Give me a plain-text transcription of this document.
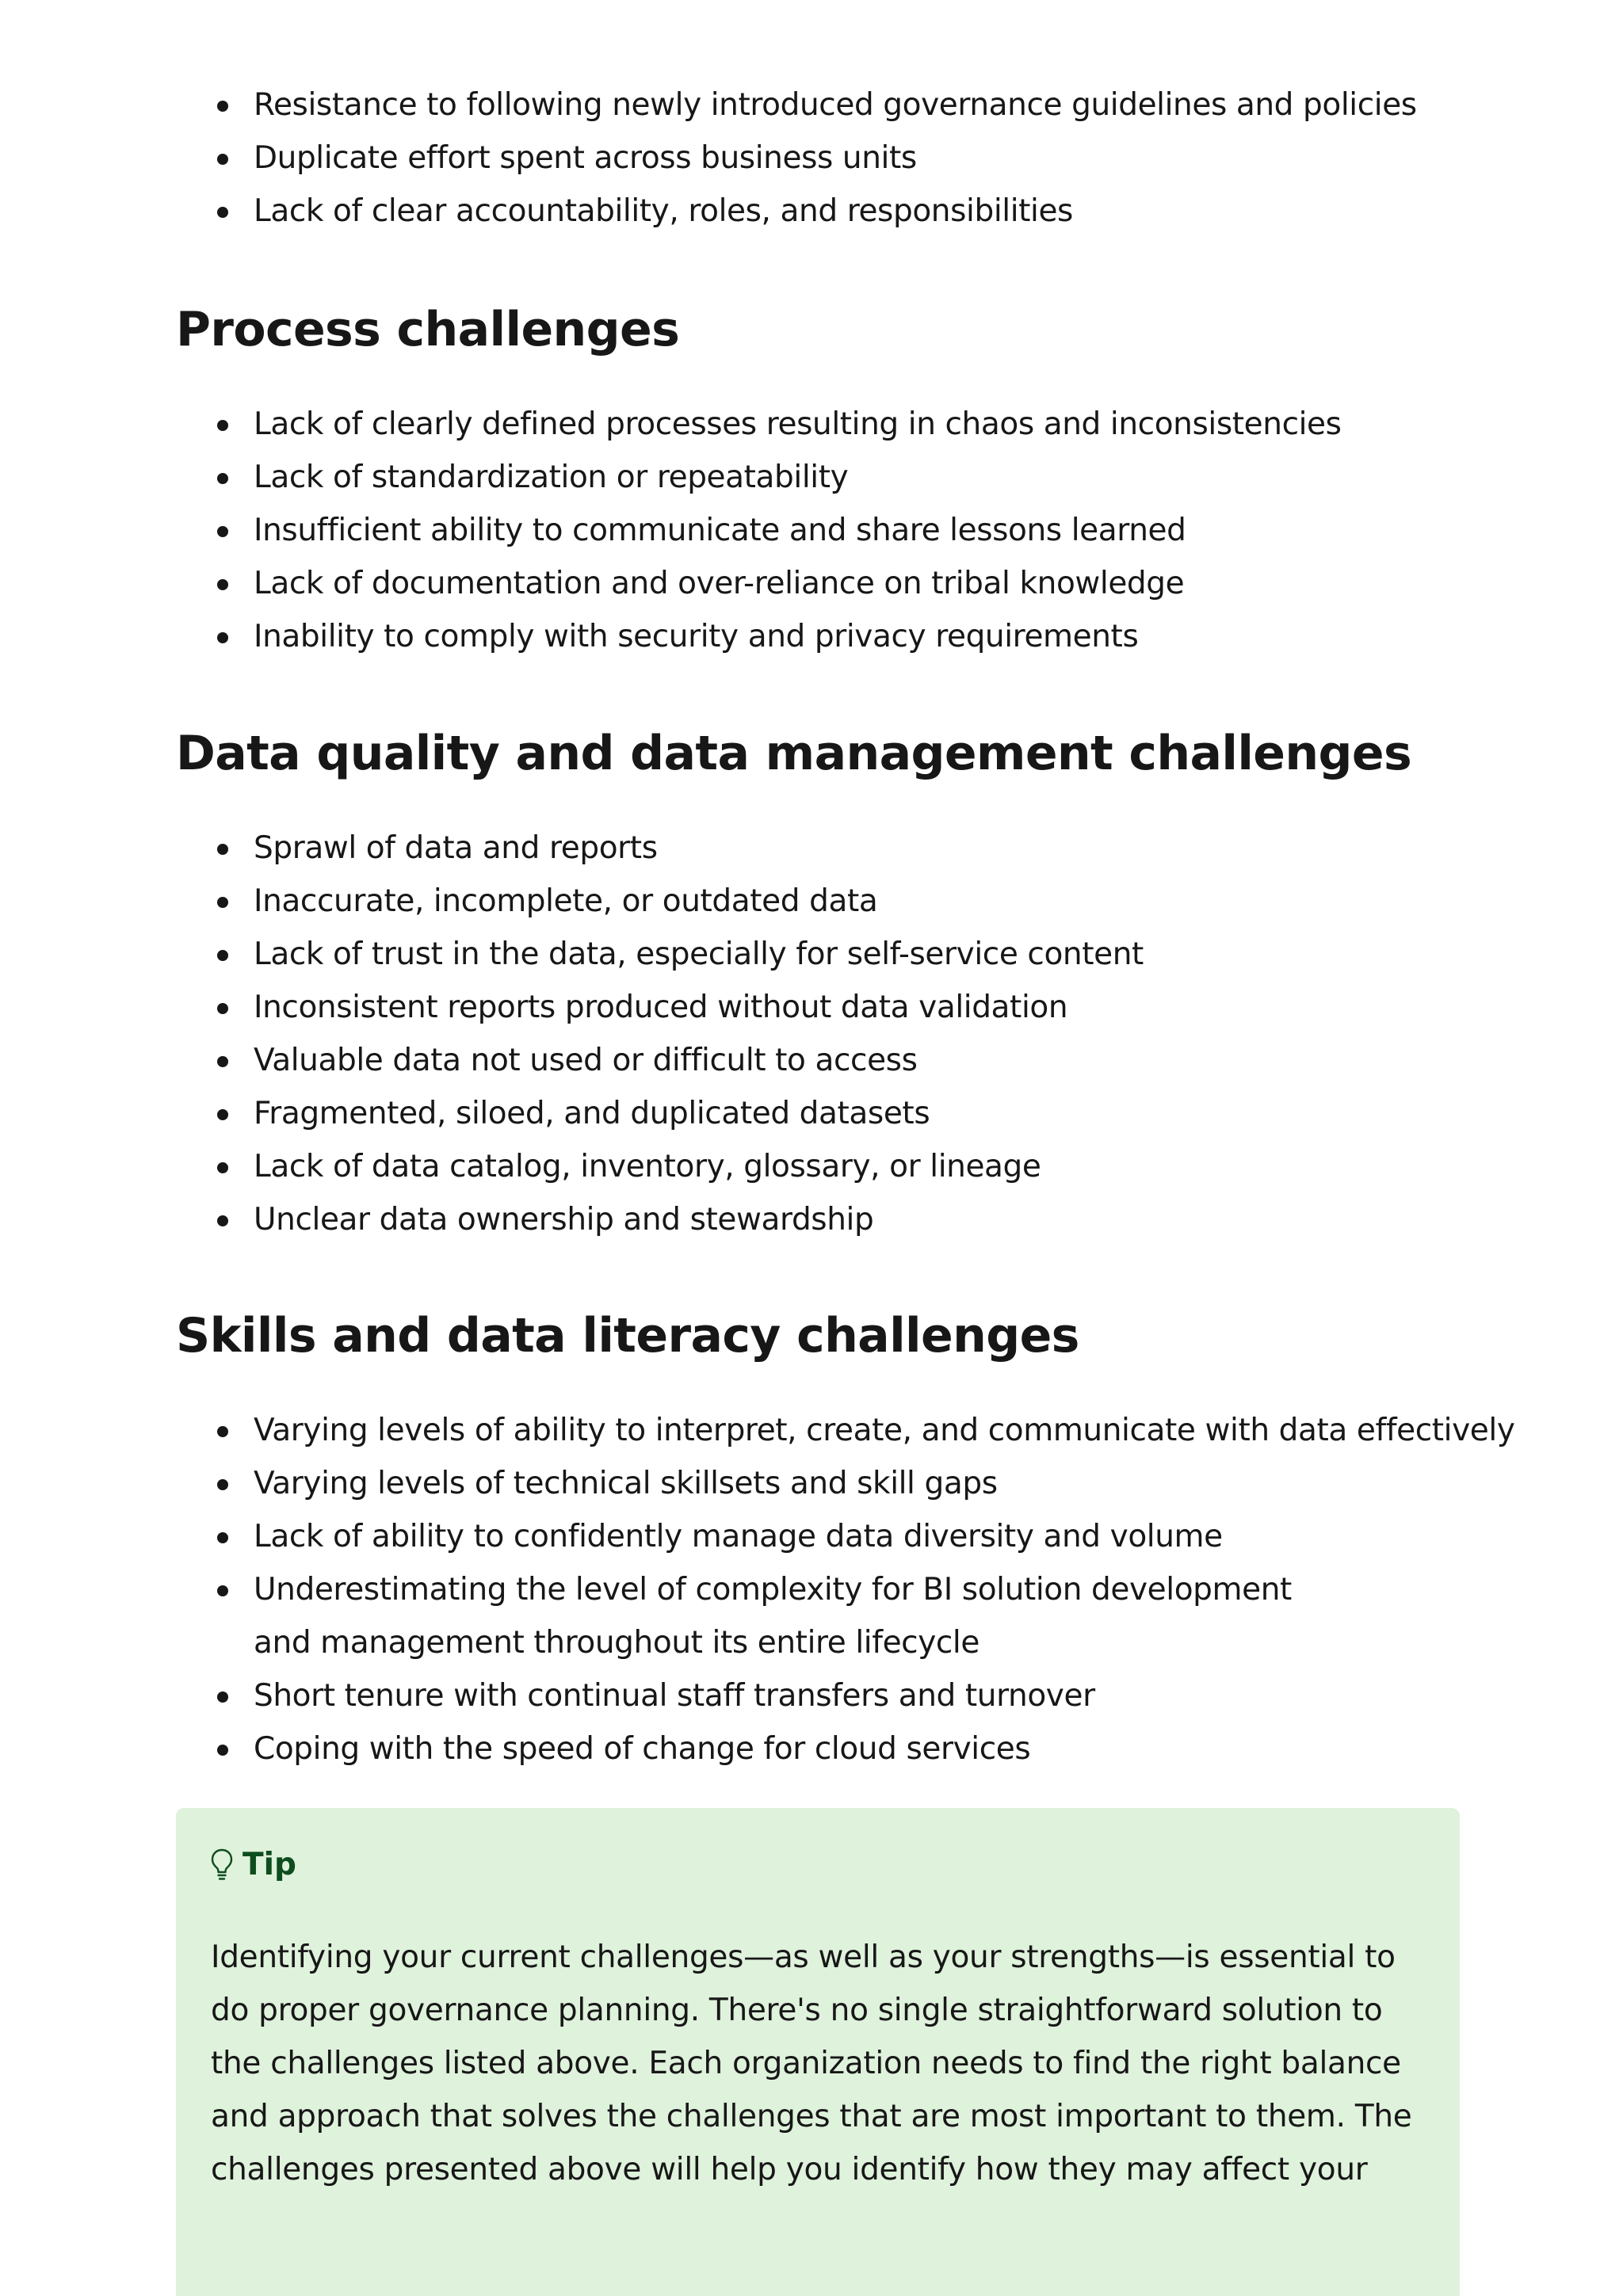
Resistance to following newly introduced governance guidelines and policies
Duplicate effort spent across business units
Lack of clear accountability, roles, and responsibilities
Process challenges
Lack of clearly defined processes resulting in chaos and inconsistencies
Lack of standardization or repeatability
Insufficient ability to communicate and share lessons learned
Lack of documentation and over-reliance on tribal knowledge
Inability to comply with security and privacy requirements
Data quality and data management challenges
Sprawl of data and reports
Inaccurate, incomplete, or outdated data
Lack of trust in the data, especially for self-service content
Inconsistent reports produced without data validation
Valuable data not used or difficult to access
Fragmented, siloed, and duplicated datasets
Lack of data catalog, inventory, glossary, or lineage
Unclear data ownership and stewardship
Skills and data literacy challenges
Varying levels of ability to interpret, create, and communicate with data effectively
Varying levels of technical skillsets and skill gaps
Lack of ability to confidently manage data diversity and volume
Underestimating the level of complexity for BI solution development and management throughout its entire lifecycle
Short tenure with continual staff transfers and turnover
Coping with the speed of change for cloud services
Tip

Identifying your current challenges—as well as your strengths—is essential to do proper governance planning. There's no single straightforward solution to the challenges listed above. Each organization needs to find the right balance and approach that solves the challenges that are most important to them. The challenges presented above will help you identify how they may affect your
